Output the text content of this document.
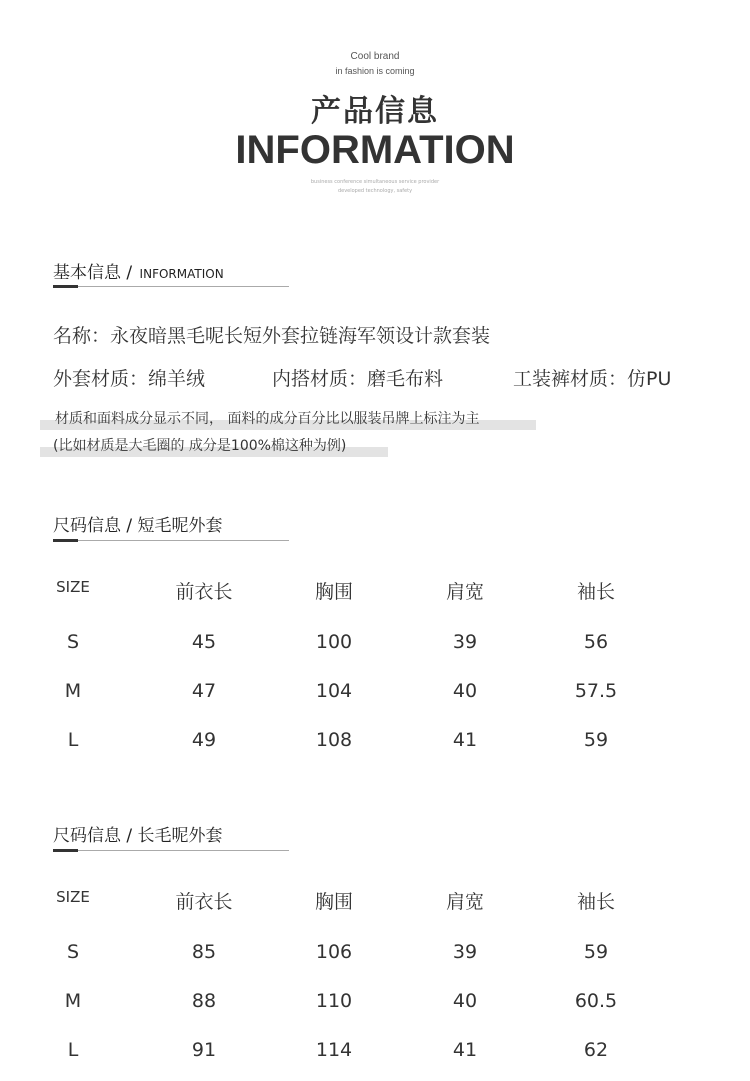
Cool brand
in fashion is coming
产品信息
INFORMATION
business conference simultaneous service provider
developed technology, safety
基本信息 / INFORMATION
名称：永夜暗黑毛呢长短外套拉链海军领设计款套装
外套材质：绵羊绒	内搭材质：磨毛布料	工装裤材质：仿PU
材质和面料成分显示不同， 面料的成分百分比以服装吊牌上标注为主
(比如材质是大毛圈的 成分是100%棉这种为例)
尺码信息 / 短毛呢外套
SIZE	前衣长	胸围	肩宽	袖长
S	45	100	39	56
M	47	104	40	57.5
L	49	108	41	59
尺码信息 / 长毛呢外套
SIZE	前衣长	胸围	肩宽	袖长
S	85	106	39	59
M	88	110	40	60.5
L	91	114	41	62
